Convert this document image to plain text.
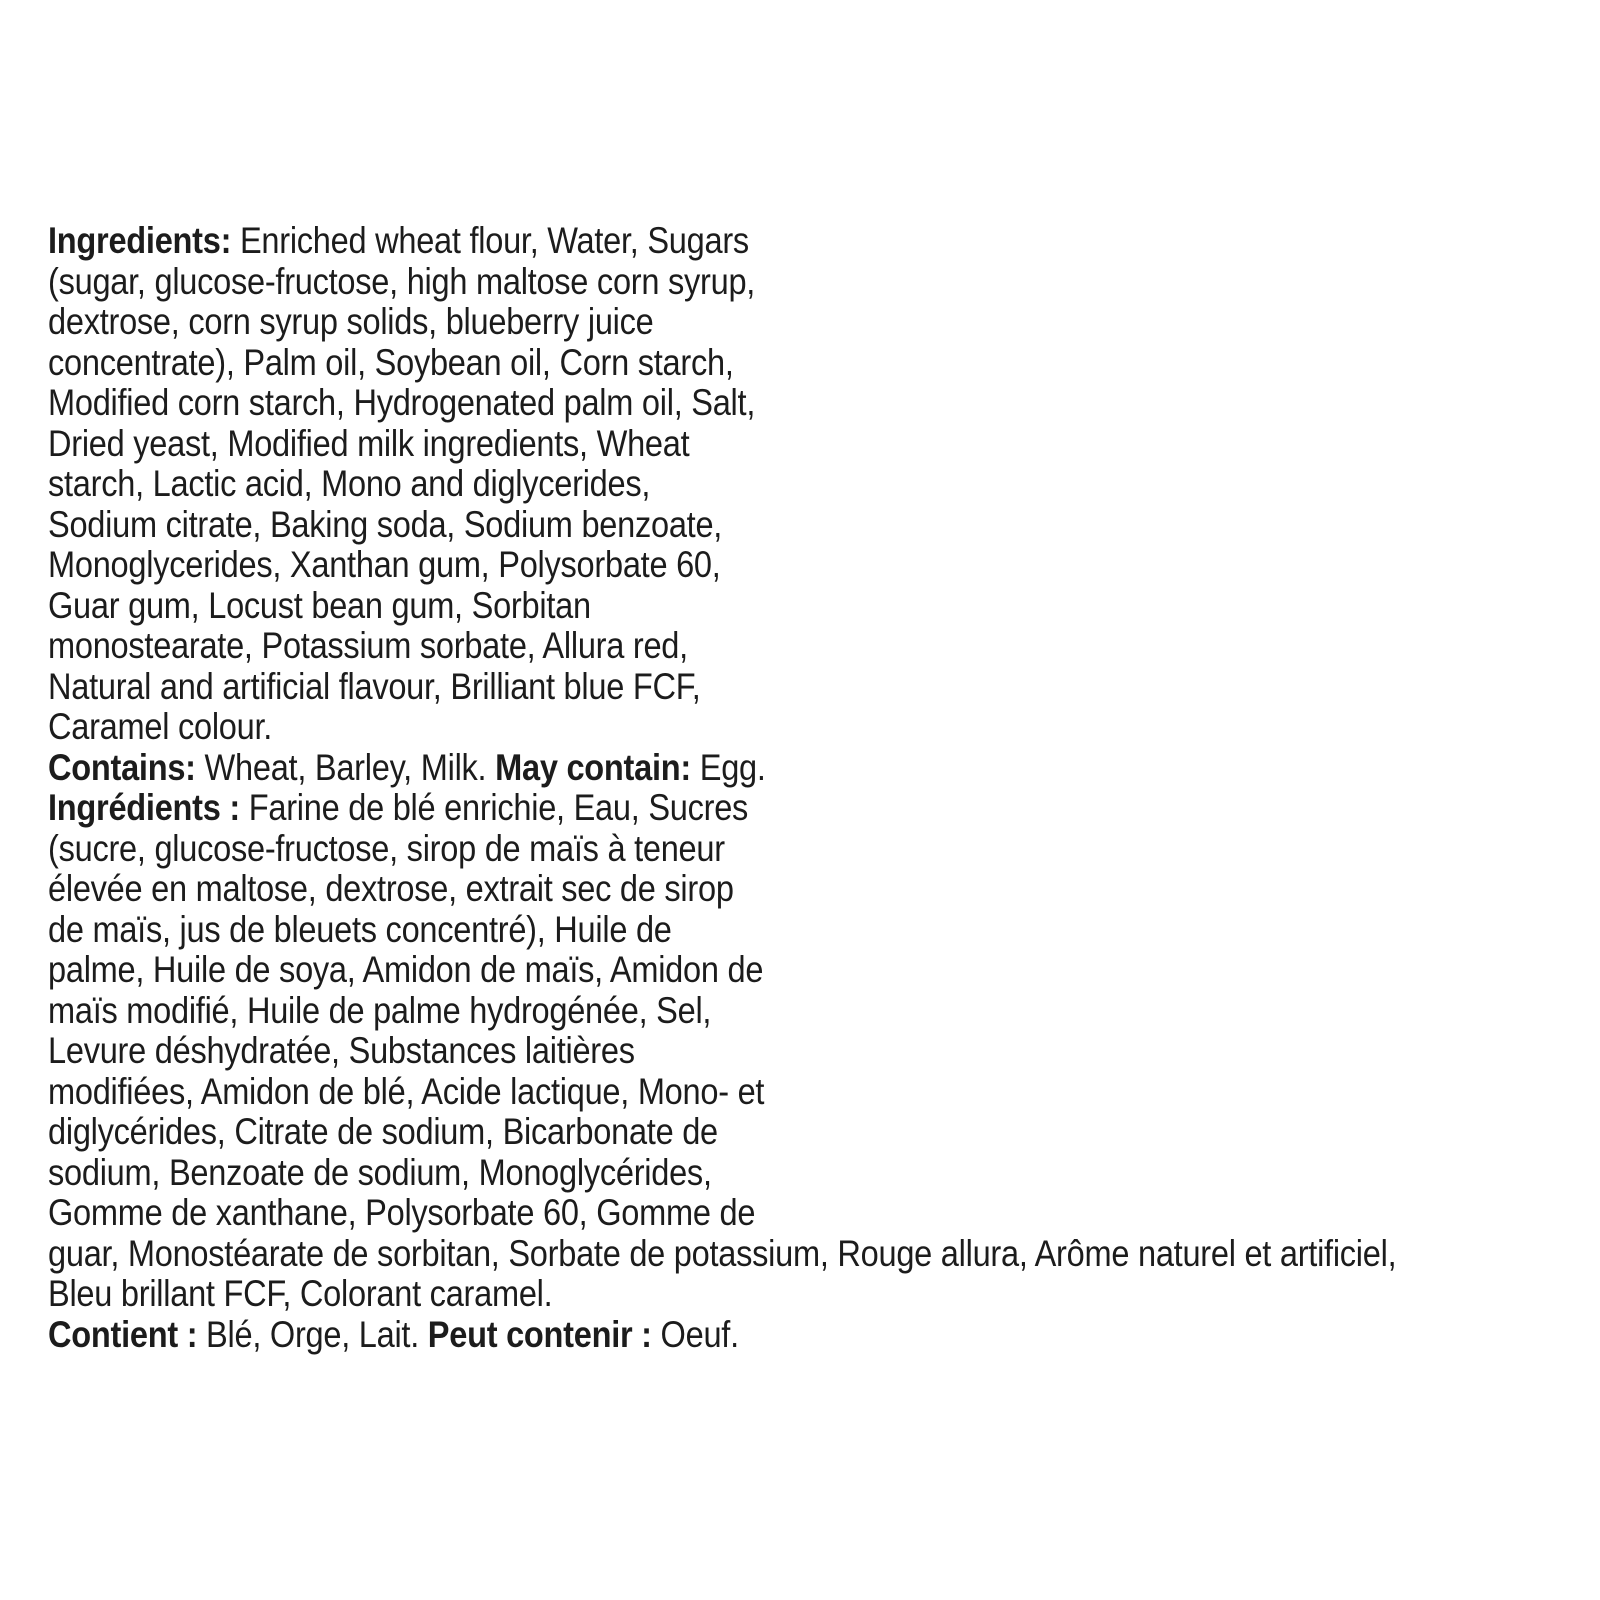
Ingredients: Enriched wheat flour, Water, Sugars
(sugar, glucose-fructose, high maltose corn syrup,
dextrose, corn syrup solids, blueberry juice
concentrate), Palm oil, Soybean oil, Corn starch,
Modified corn starch, Hydrogenated palm oil, Salt,
Dried yeast, Modified milk ingredients, Wheat
starch, Lactic acid, Mono and diglycerides,
Sodium citrate, Baking soda, Sodium benzoate,
Monoglycerides, Xanthan gum, Polysorbate 60,
Guar gum, Locust bean gum, Sorbitan
monostearate, Potassium sorbate, Allura red,
Natural and artificial flavour, Brilliant blue FCF,
Caramel colour.
Contains: Wheat, Barley, Milk. May contain: Egg.
Ingrédients : Farine de blé enrichie, Eau, Sucres
(sucre, glucose-fructose, sirop de maïs à teneur
élevée en maltose, dextrose, extrait sec de sirop
de maïs, jus de bleuets concentré), Huile de
palme, Huile de soya, Amidon de maïs, Amidon de
maïs modifié, Huile de palme hydrogénée, Sel,
Levure déshydratée, Substances laitières
modifiées, Amidon de blé, Acide lactique, Mono- et
diglycérides, Citrate de sodium, Bicarbonate de
sodium, Benzoate de sodium, Monoglycérides,
Gomme de xanthane, Polysorbate 60, Gomme de
guar, Monostéarate de sorbitan, Sorbate de potassium, Rouge allura, Arôme naturel et artificiel,
Bleu brillant FCF, Colorant caramel.
Contient : Blé, Orge, Lait. Peut contenir : Oeuf.
